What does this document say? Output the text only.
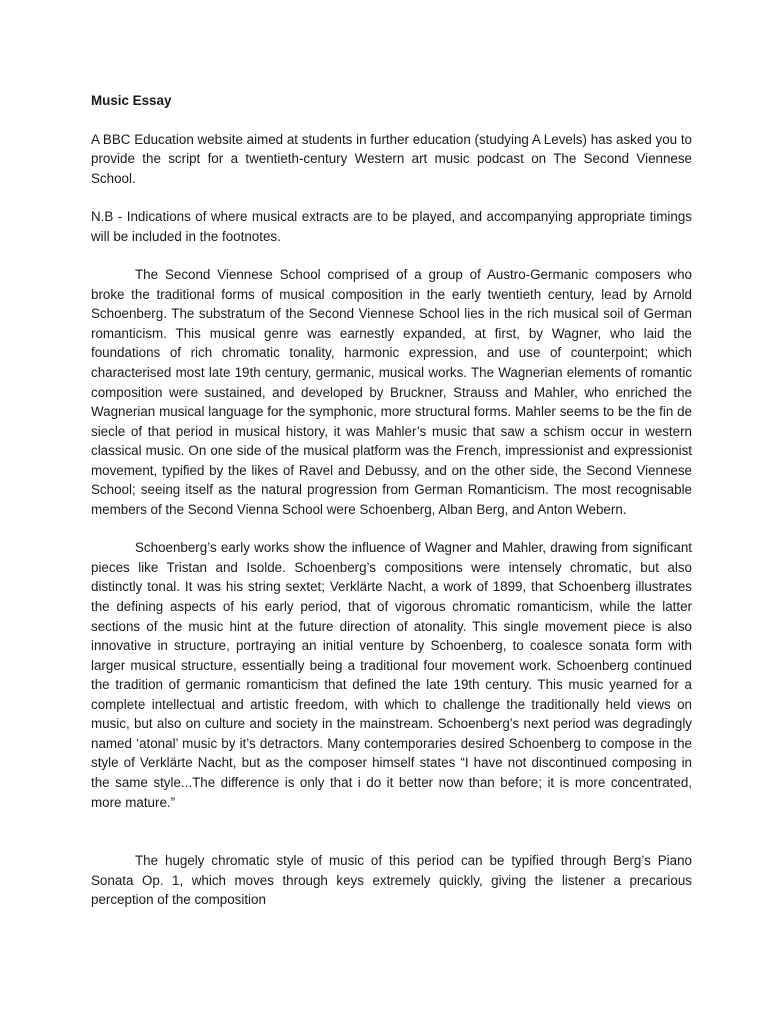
Music Essay

A BBC Education website aimed at students in further education (studying A Levels) has asked you to provide the script for a twentieth-century Western art music podcast on The Second Viennese School.

N.B - Indications of where musical extracts are to be played, and accompanying appropriate timings will be included in the footnotes.

The Second Viennese School comprised of a group of Austro-Germanic composers who broke the traditional forms of musical composition in the early twentieth century, lead by Arnold Schoenberg. The substratum of the Second Viennese School lies in the rich musical soil of German romanticism. This musical genre was earnestly expanded, at first, by Wagner, who laid the foundations of rich chromatic tonality, harmonic expression, and use of counterpoint; which characterised most late 19th century, germanic, musical works. The Wagnerian elements of romantic composition were sustained, and developed by Bruckner, Strauss and Mahler, who enriched the Wagnerian musical language for the symphonic, more structural forms. Mahler seems to be the fin de siecle of that period in musical history, it was Mahler’s music that saw a schism occur in western classical music. On one side of the musical platform was the French, impressionist and expressionist movement, typified by the likes of Ravel and Debussy, and on the other side, the Second Viennese School; seeing itself as the natural progression from German Romanticism. The most recognisable members of the Second Vienna School were Schoenberg, Alban Berg, and Anton Webern.

Schoenberg’s early works show the influence of Wagner and Mahler, drawing from significant pieces like Tristan and Isolde. Schoenberg’s compositions were intensely chromatic, but also distinctly tonal. It was his string sextet; Verklärte Nacht, a work of 1899, that Schoenberg illustrates the defining aspects of his early period, that of vigorous chromatic romanticism, while the latter sections of the music hint at the future direction of atonality. This single movement piece is also innovative in structure, portraying an initial venture by Schoenberg, to coalesce sonata form with larger musical structure, essentially being a traditional four movement work. Schoenberg continued the tradition of germanic romanticism that defined the late 19th century. This music yearned for a complete intellectual and artistic freedom, with which to challenge the traditionally held views on music, but also on culture and society in the mainstream. Schoenberg’s next period was degradingly named ‘atonal’ music by it’s detractors. Many contemporaries desired Schoenberg to compose in the style of Verklärte Nacht, but as the composer himself states “I have not discontinued composing in the same style...The difference is only that i do it better now than before; it is more concentrated, more mature.”

The hugely chromatic style of music of this period can be typified through Berg’s Piano Sonata Op. 1, which moves through keys extremely quickly, giving the listener a precarious perception of the composition
